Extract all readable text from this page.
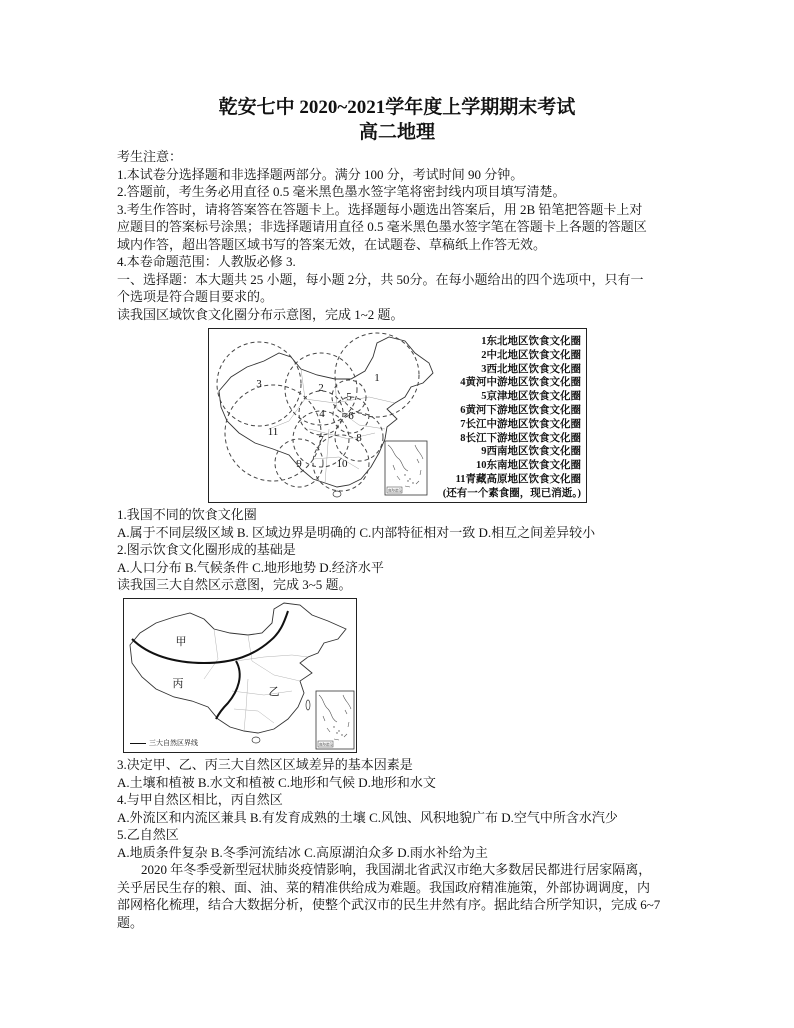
乾安七中 2020~2021学年度上学期期末考试
高二地理
考生注意：
1.本试卷分选择题和非选择题两部分。满分 100 分，考试时间 90 分钟。
2.答题前，考生务必用直径 0.5 毫米黑色墨水签字笔将密封线内项目填写清楚。
3.考生作答时，请将答案答在答题卡上。选择题每小题选出答案后，用 2B 铅笔把答题卡上对
应题目的答案标号涂黑；非选择题请用直径 0.5 毫米黑色墨水签字笔在答题卡上各题的答题区
域内作答，超出答题区域书写的答案无效，在试题卷、草稿纸上作答无效。
4.本卷命题范围：人教版必修 3.
一、选择题：本大题共 25 小题，每小题 2分，共 50分。在每小题给出的四个选项中，只有一
个选项是符合题目要求的。
读我国区域饮食文化圈分布示意图，完成 1~2 题。
1
2
3
4
5
6
7	8
9	10
11
南海诸岛
1东北地区饮食文化圈
2中北地区饮食文化圈
3西北地区饮食文化圈
4黄河中游地区饮食文化圈
5京津地区饮食文化圈
6黄河下游地区饮食文化圈
7长江中游地区饮食文化圈
8长江下游地区饮食文化圈
9西南地区饮食文化圈
10东南地区饮食文化圈
11青藏高原地区饮食文化圈
(还有一个素食圈，现已消逝。)
1.我国不同的饮食文化圈
A.属于不同层级区域 B. 区域边界是明确的 C.内部特征相对一致 D.相互之间差异较小
2.图示饮食文化圈形成的基础是
A.人口分布 B.气候条件 C.地形地势 D.经济水平
读我国三大自然区示意图，完成 3~5 题。
甲
丙
乙
南海诸岛
三大自然区界线
3.决定甲、乙、丙三大自然区区域差异的基本因素是
A.土壤和植被 B.水文和植被 C.地形和气候 D.地形和水文
4.与甲自然区相比，丙自然区
A.外流区和内流区兼具 B.有发育成熟的土壤 C.风蚀、风积地貌广布 D.空气中所含水汽少
5.乙自然区
A.地质条件复杂 B.冬季河流结冰 C.高原湖泊众多 D.雨水补给为主
2020 年冬季受新型冠状肺炎疫情影响，我国湖北省武汉市绝大多数居民都进行居家隔离，
关乎居民生存的粮、面、油、菜的精准供给成为难题。我国政府精准施策，外部协调调度，内
部网格化梳理，结合大数据分析，使整个武汉市的民生井然有序。据此结合所学知识，完成 6~7
题。
